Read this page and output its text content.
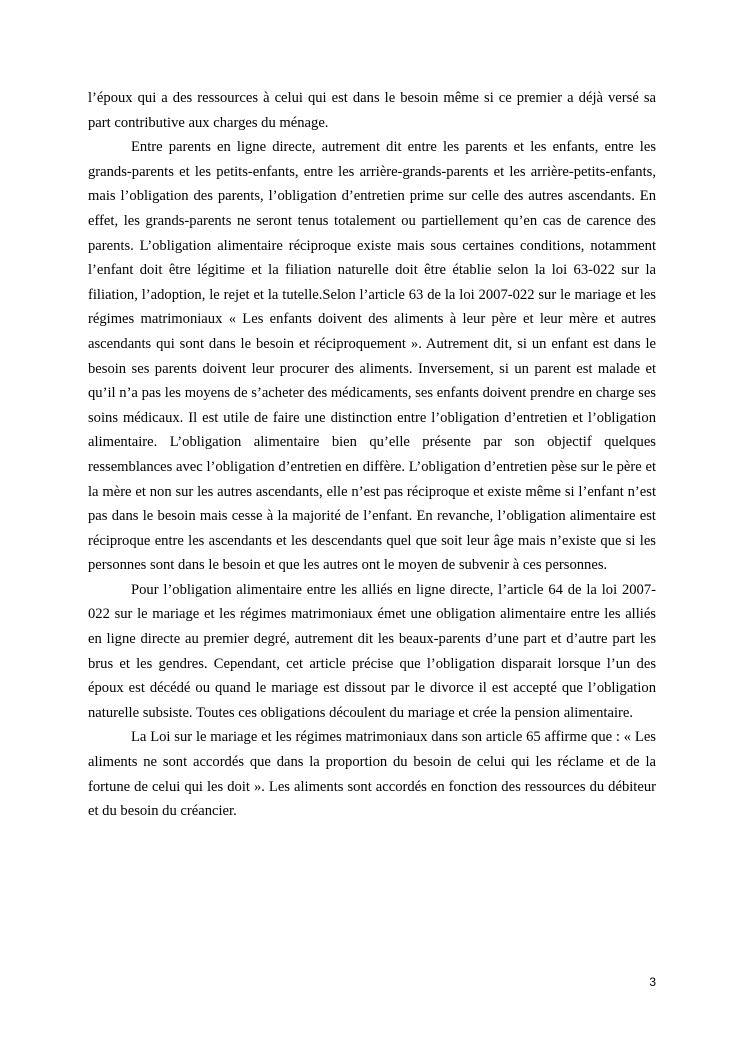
l’époux qui a des ressources à celui qui est dans le besoin même si ce premier a déjà versé sa part contributive aux charges du ménage.

Entre parents en ligne directe, autrement dit entre les parents et les enfants, entre les grands-parents et les petits-enfants, entre les arrière-grands-parents et les arrière-petits-enfants, mais l’obligation des parents, l’obligation d’entretien prime sur celle des autres ascendants. En effet, les grands-parents ne seront tenus totalement ou partiellement qu’en cas de carence des parents. L’obligation alimentaire réciproque existe mais sous certaines conditions, notamment l’enfant doit être légitime et la filiation naturelle doit être établie selon la loi 63-022 sur la filiation, l’adoption, le rejet et la tutelle.Selon l’article 63 de la loi 2007-022 sur le mariage et les régimes matrimoniaux « Les enfants doivent des aliments à leur père et leur mère et autres ascendants qui sont dans le besoin et réciproquement ». Autrement dit, si un enfant est dans le besoin ses parents doivent leur procurer des aliments. Inversement, si un parent est malade et qu’il n’a pas les moyens de s’acheter des médicaments, ses enfants doivent prendre en charge ses soins médicaux. Il est utile de faire une distinction entre l’obligation d’entretien et l’obligation alimentaire. L’obligation alimentaire bien qu’elle présente par son objectif quelques ressemblances avec l’obligation d’entretien en diffère. L’obligation d’entretien pèse sur le père et la mère et non sur les autres ascendants, elle n’est pas réciproque et existe même si l’enfant n’est pas dans le besoin mais cesse à la majorité de l’enfant. En revanche, l’obligation alimentaire est réciproque entre les ascendants et les descendants quel que soit leur âge mais n’existe que si les personnes sont dans le besoin et que les autres ont le moyen de subvenir à ces personnes.

Pour l’obligation alimentaire entre les alliés en ligne directe, l’article 64 de la loi 2007-022 sur le mariage et les régimes matrimoniaux émet une obligation alimentaire entre les alliés en ligne directe au premier degré, autrement dit les beaux-parents d’une part et d’autre part les brus et les gendres. Cependant, cet article précise que l’obligation disparait lorsque l’un des époux est décédé ou quand le mariage est dissout par le divorce il est accepté que l’obligation naturelle subsiste. Toutes ces obligations découlent du mariage et crée la pension alimentaire.

La Loi sur le mariage et les régimes matrimoniaux dans son article 65 affirme que : « Les aliments ne sont accordés que dans la proportion du besoin de celui qui les réclame et de la fortune de celui qui les doit ». Les aliments sont accordés en fonction des ressources du débiteur et du besoin du créancier.

3
